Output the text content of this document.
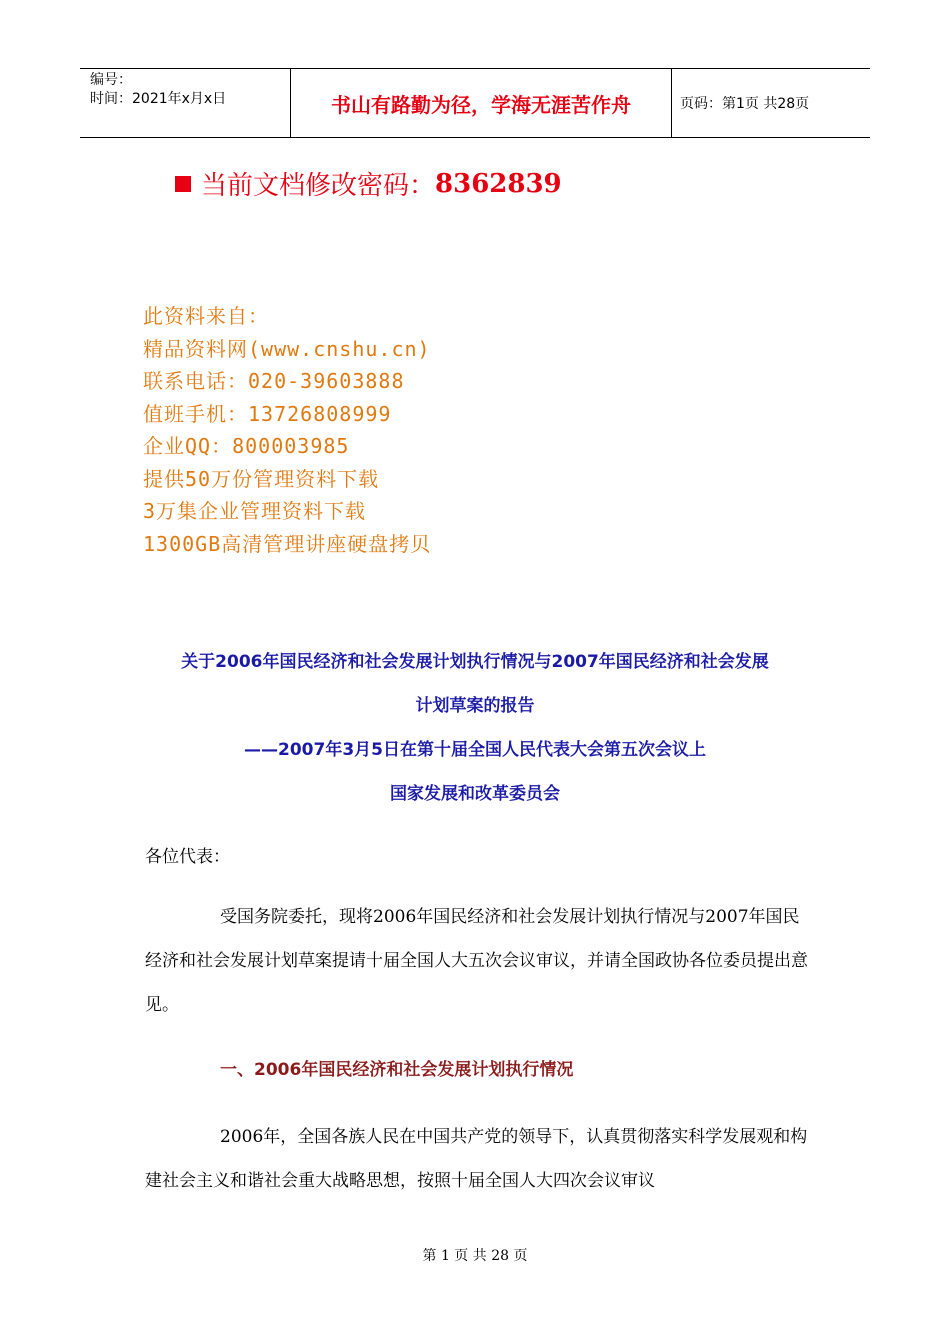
编号：
时间：2021年x月x日	书山有路勤为径，学海无涯苦作舟	页码：第1页 共28页
当前文档修改密码： 8362839
此资料来自：
精品资料网(www.cnshu.cn)
联系电话：020-39603888
值班手机：13726808999
企业QQ：800003985
提供50万份管理资料下载
3万集企业管理资料下载
1300GB高清管理讲座硬盘拷贝
关于2006年国民经济和社会发展计划执行情况与2007年国民经济和社会发展
计划草案的报告
——2007年3月5日在第十届全国人民代表大会第五次会议上
国家发展和改革委员会
各位代表：
受国务院委托，现将2006年国民经济和社会发展计划执行情况与2007年国民经济和社会发展计划草案提请十届全国人大五次会议审议，并请全国政协各位委员提出意见。
一、2006年国民经济和社会发展计划执行情况
2006年，全国各族人民在中国共产党的领导下，认真贯彻落实科学发展观和构建社会主义和谐社会重大战略思想，按照十届全国人大四次会议审议
第 1 页 共 28 页
